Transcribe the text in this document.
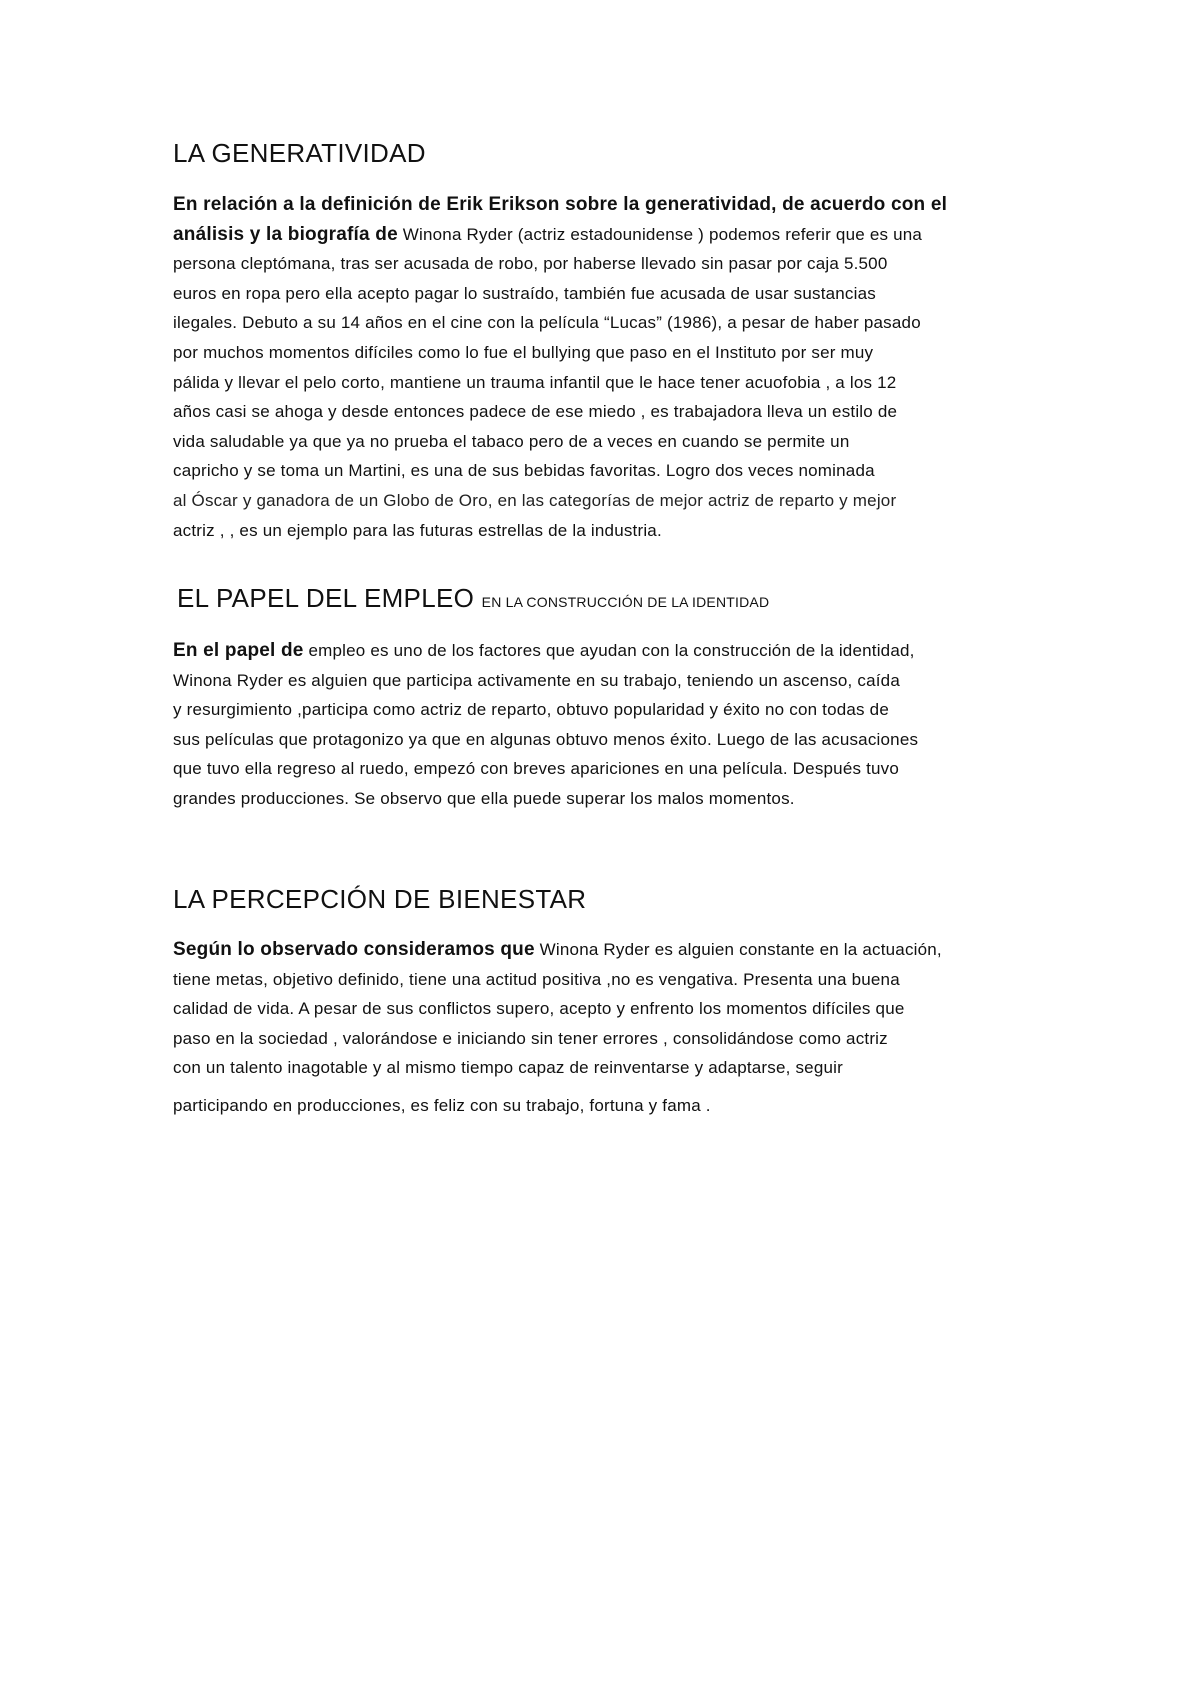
LA GENERATIVIDAD

En relación a la definición de Erik Erikson sobre la generatividad, de acuerdo con el
análisis y la biografía de Winona Ryder (actriz estadounidense ) podemos referir que es una
persona cleptómana, tras ser acusada de robo, por haberse llevado sin pasar por caja 5.500
euros en ropa pero ella acepto pagar lo sustraído, también fue acusada de usar sustancias
ilegales. Debuto a su 14 años en el cine con la película “Lucas” (1986), a pesar de haber pasado
por muchos momentos difíciles como lo fue el bullying que paso en el Instituto por ser muy
pálida y llevar el pelo corto, mantiene un trauma infantil que le hace tener acuofobia , a los 12
años casi se ahoga y desde entonces padece de ese miedo , es trabajadora lleva un estilo de
vida saludable ya que ya no prueba el tabaco pero de a veces en cuando se permite un
capricho y se toma un Martini, es una de sus bebidas favoritas. Logro dos veces nominada
al Óscar y ganadora de un Globo de Oro, en las categorías de mejor actriz de reparto y mejor
actriz , , es un ejemplo para las futuras estrellas de la industria.

EL PAPEL DEL EMPLEO EN LA CONSTRUCCIÓN DE LA IDENTIDAD

En el papel de empleo es uno de los factores que ayudan con la construcción de la identidad,
Winona Ryder es alguien que participa activamente en su trabajo, teniendo un ascenso, caída
y resurgimiento ,participa como actriz de reparto, obtuvo popularidad y éxito no con todas de
sus películas que protagonizo ya que en algunas obtuvo menos éxito. Luego de las acusaciones
que tuvo ella regreso al ruedo, empezó con breves apariciones en una película. Después tuvo
grandes producciones. Se observo que ella puede superar los malos momentos.

LA PERCEPCIÓN DE BIENESTAR

Según lo observado consideramos que Winona Ryder es alguien constante en la actuación,
tiene metas, objetivo definido, tiene una actitud positiva ,no es vengativa. Presenta una buena
calidad de vida. A pesar de sus conflictos supero, acepto y enfrento los momentos difíciles que
paso en la sociedad , valorándose e iniciando sin tener errores , consolidándose como actriz
con un talento inagotable y al mismo tiempo capaz de reinventarse y adaptarse, seguir
participando en producciones, es feliz con su trabajo, fortuna y fama .
